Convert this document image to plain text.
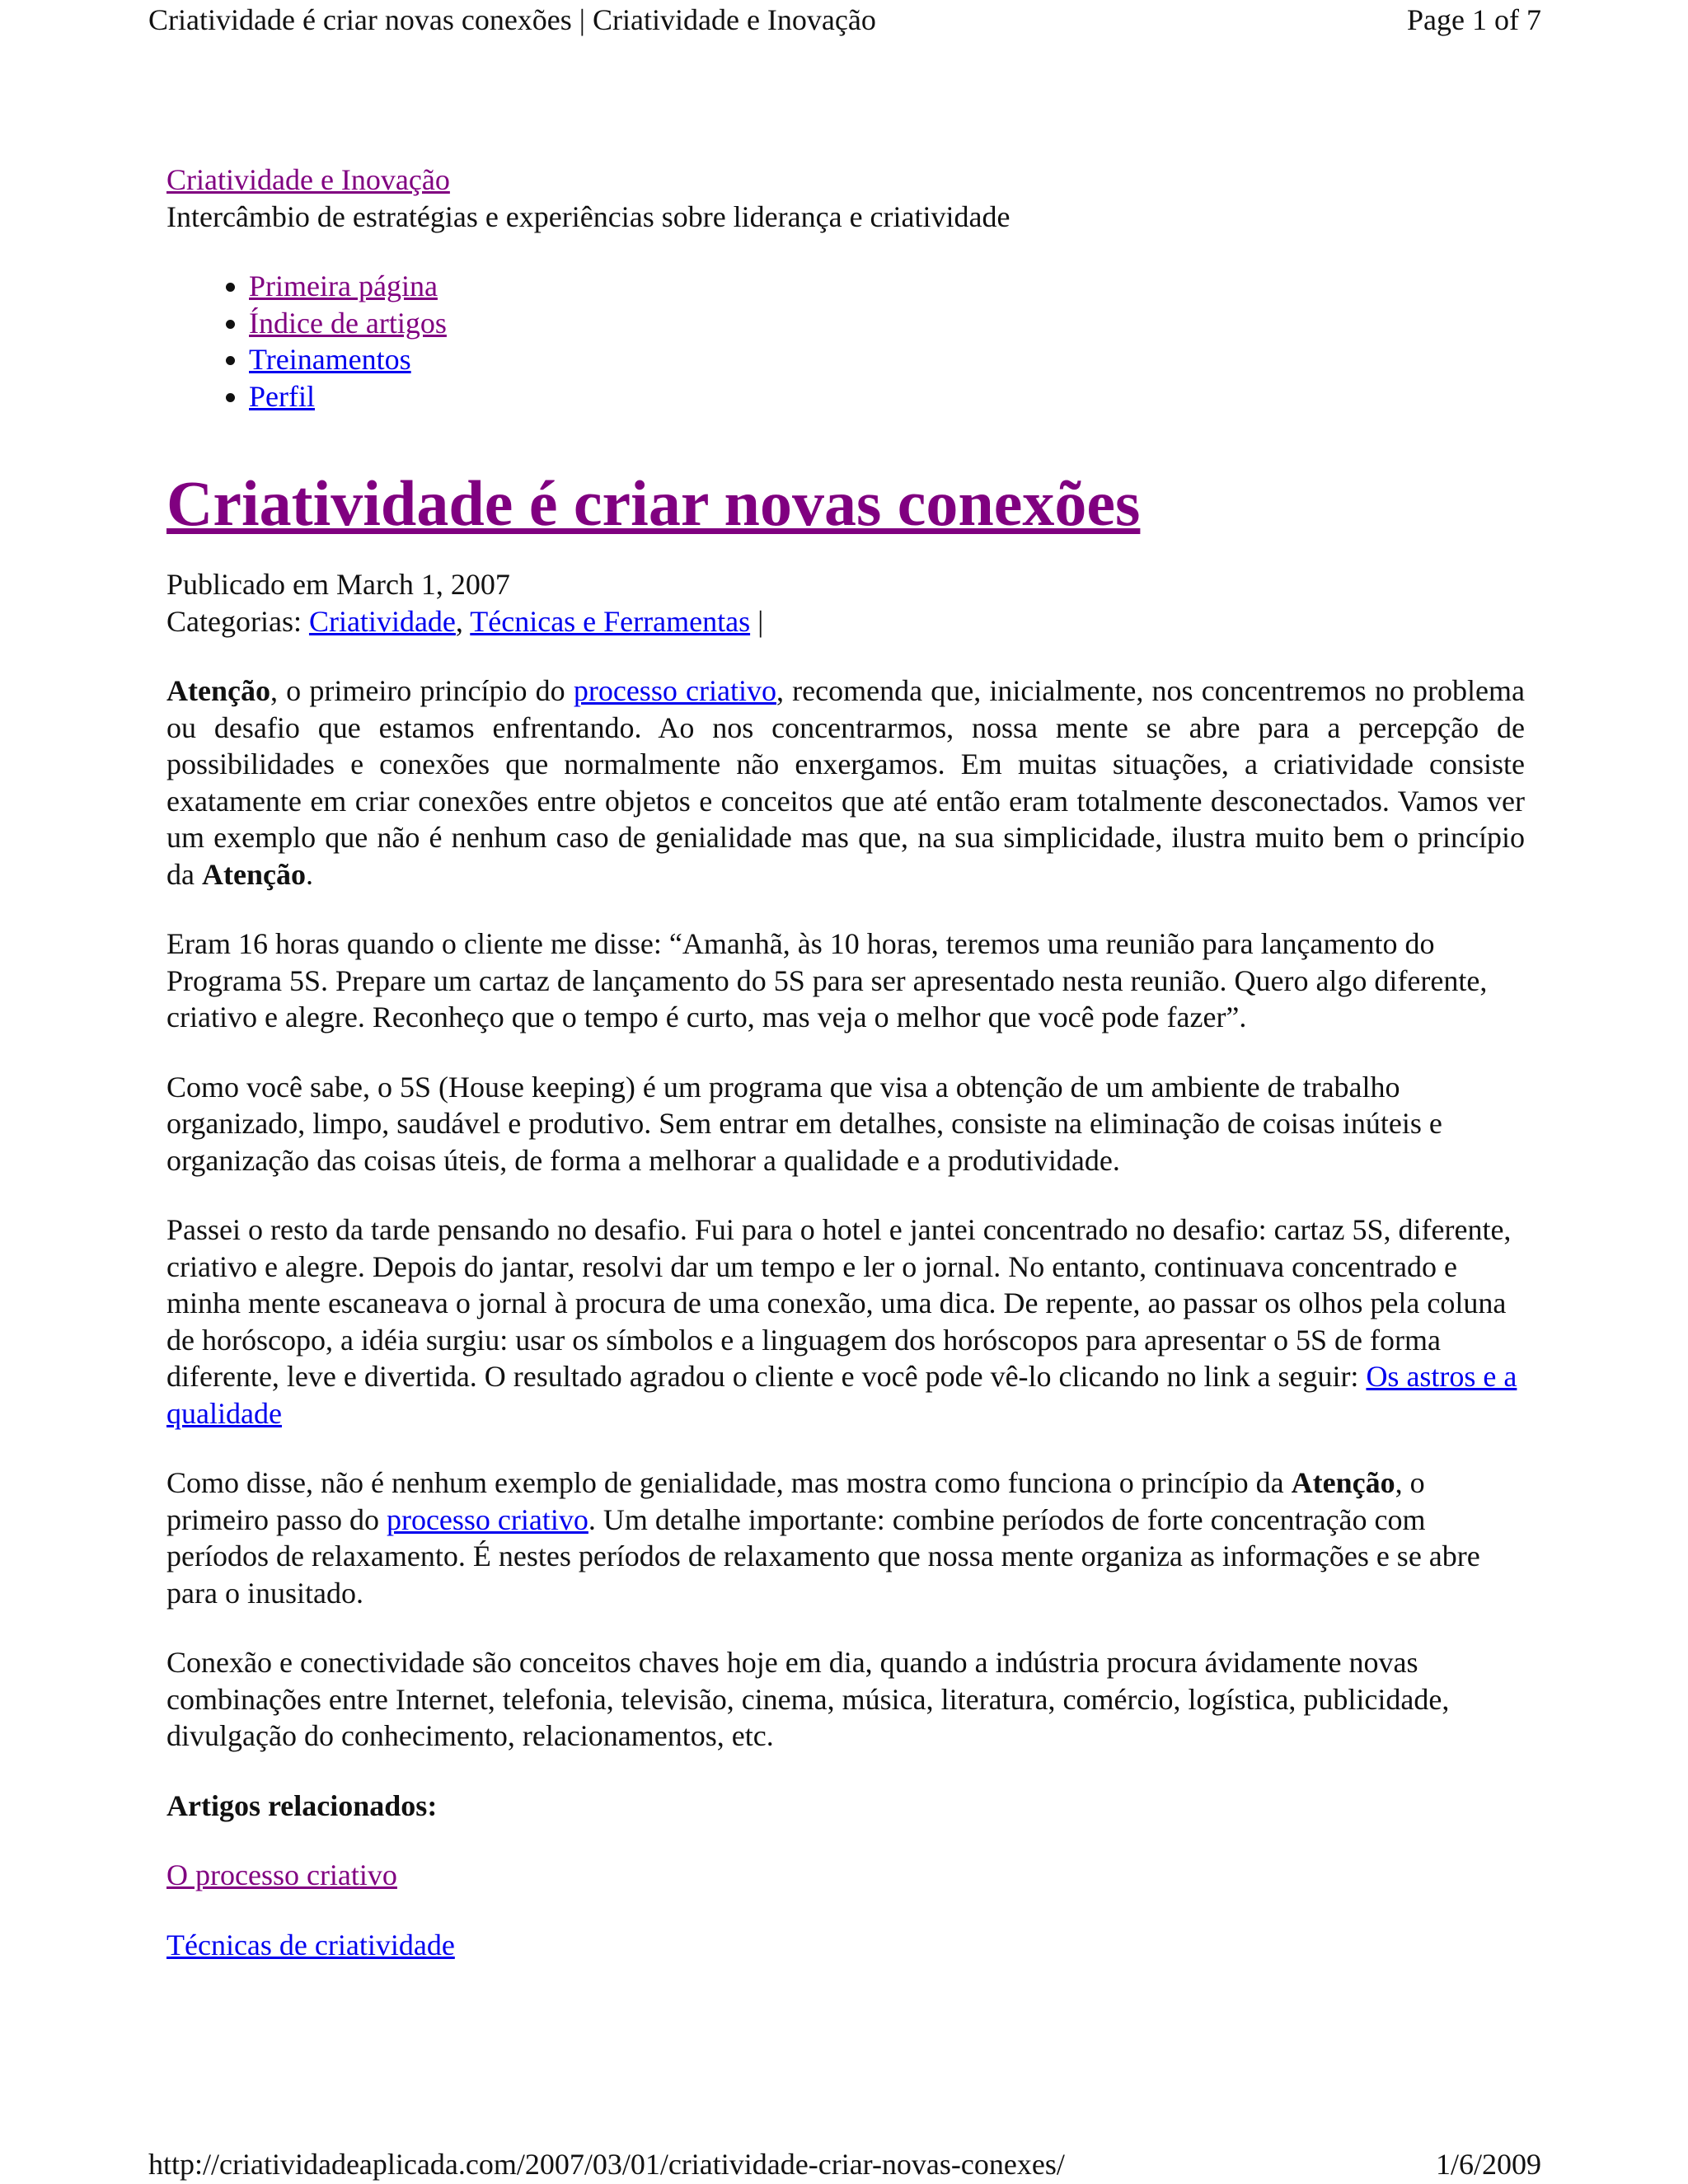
Criatividade é criar novas conexões | Criatividade e Inovação	Page 1 of 7
Criatividade e Inovação
Intercâmbio de estratégias e experiências sobre liderança e criatividade
• Primeira página
• Índice de artigos
• Treinamentos
• Perfil
Criatividade é criar novas conexões
Publicado em March 1, 2007
Categorias: Criatividade, Técnicas e Ferramentas |

Atenção, o primeiro princípio do processo criativo, recomenda que, inicialmente, nos concentremos no problema ou desafio que estamos enfrentando. Ao nos concentrarmos, nossa mente se abre para a percepção de possibilidades e conexões que normalmente não enxergamos. Em muitas situações, a criatividade consiste exatamente em criar conexões entre objetos e conceitos que até então eram totalmente desconectados. Vamos ver um exemplo que não é nenhum caso de genialidade mas que, na sua simplicidade, ilustra muito bem o princípio da Atenção.

Eram 16 horas quando o cliente me disse: “Amanhã, às 10 horas, teremos uma reunião para lançamento do Programa 5S. Prepare um cartaz de lançamento do 5S para ser apresentado nesta reunião. Quero algo diferente, criativo e alegre. Reconheço que o tempo é curto, mas veja o melhor que você pode fazer”.

Como você sabe, o 5S (House keeping) é um programa que visa a obtenção de um ambiente de trabalho organizado, limpo, saudável e produtivo. Sem entrar em detalhes, consiste na eliminação de coisas inúteis e organização das coisas úteis, de forma a melhorar a qualidade e a produtividade.

Passei o resto da tarde pensando no desafio. Fui para o hotel e jantei concentrado no desafio: cartaz 5S, diferente, criativo e alegre. Depois do jantar, resolvi dar um tempo e ler o jornal. No entanto, continuava concentrado e minha mente escaneava o jornal à procura de uma conexão, uma dica. De repente, ao passar os olhos pela coluna de horóscopo, a idéia surgiu: usar os símbolos e a linguagem dos horóscopos para apresentar o 5S de forma diferente, leve e divertida. O resultado agradou o cliente e você pode vê-lo clicando no link a seguir: Os astros e a qualidade

Como disse, não é nenhum exemplo de genialidade, mas mostra como funciona o princípio da Atenção, o primeiro passo do processo criativo. Um detalhe importante: combine períodos de forte concentração com períodos de relaxamento. É nestes períodos de relaxamento que nossa mente organiza as informações e se abre para o inusitado.

Conexão e conectividade são conceitos chaves hoje em dia, quando a indústria procura ávidamente novas combinações entre Internet, telefonia, televisão, cinema, música, literatura, comércio, logística, publicidade, divulgação do conhecimento, relacionamentos, etc.

Artigos relacionados:

O processo criativo

Técnicas de criatividade

http://criatividadeaplicada.com/2007/03/01/criatividade-criar-novas-conexes/	1/6/2009
